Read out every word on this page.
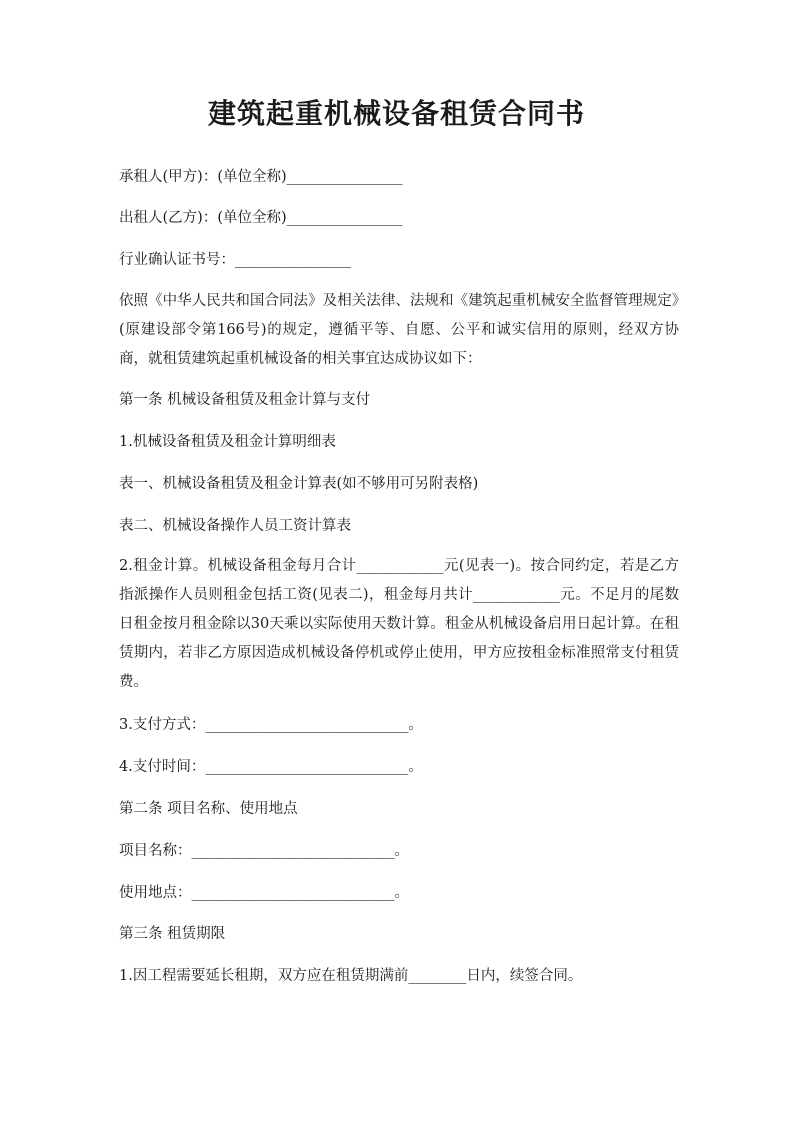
建筑起重机械设备租赁合同书

承租人(甲方)：(单位全称)________________

出租人(乙方)：(单位全称)________________

行业确认证书号：________________

依照《中华人民共和国合同法》及相关法律、法规和《建筑起重机械安全监督管理规定》(原建设部令第166号)的规定，遵循平等、自愿、公平和诚实信用的原则，经双方协商，就租赁建筑起重机械设备的相关事宜达成协议如下：

第一条 机械设备租赁及租金计算与支付

1.机械设备租赁及租金计算明细表

表一、机械设备租赁及租金计算表(如不够用可另附表格)

表二、机械设备操作人员工资计算表

2.租金计算。机械设备租金每月合计____________元(见表一)。按合同约定，若是乙方指派操作人员则租金包括工资(见表二)，租金每月共计____________元。不足月的尾数日租金按月租金除以30天乘以实际使用天数计算。租金从机械设备启用日起计算。在租赁期内，若非乙方原因造成机械设备停机或停止使用，甲方应按租金标准照常支付租赁费。

3.支付方式：____________________________。

4.支付时间：____________________________。

第二条 项目名称、使用地点

项目名称：____________________________。

使用地点：____________________________。

第三条 租赁期限

1.因工程需要延长租期，双方应在租赁期满前________日内，续签合同。
